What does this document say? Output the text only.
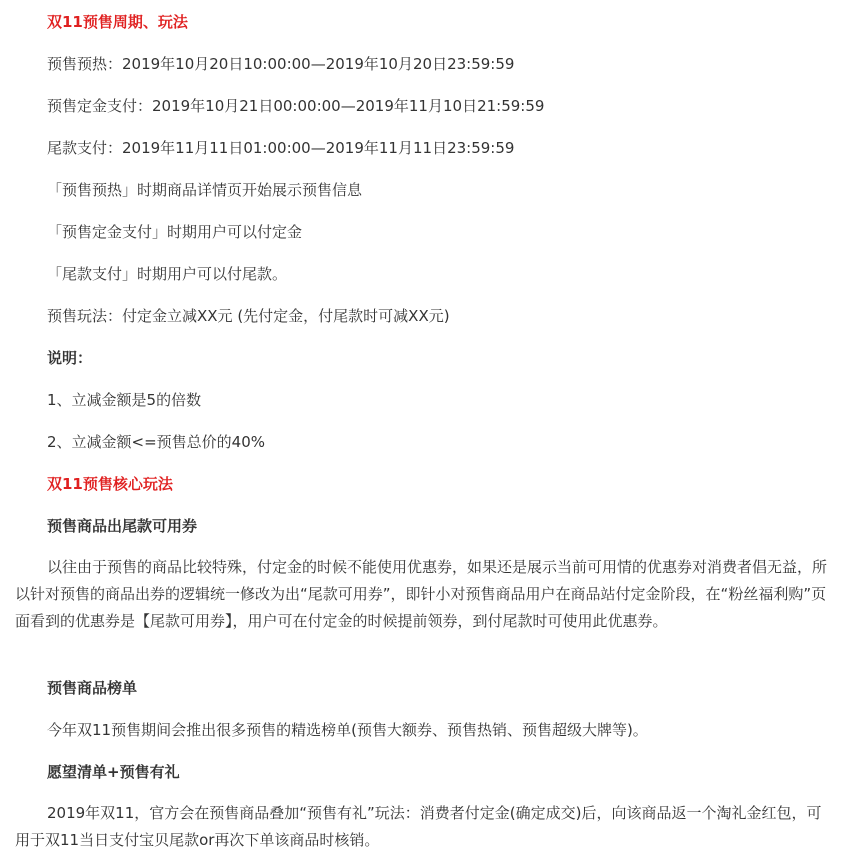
双11预售周期、玩法
预售预热：2019年10月20日10:00:00—2019年10月20日23:59:59
预售定金支付：2019年10月21日00:00:00—2019年11月10日21:59:59
尾款支付：2019年11月11日01:00:00—2019年11月11日23:59:59
「预售预热」时期商品详情页开始展示预售信息
「预售定金支付」时期用户可以付定金
「尾款支付」时期用户可以付尾款。
预售玩法：付定金立减XX元 (先付定金，付尾款时可减XX元)
说明：
1、立减金额是5的倍数
2、立减金额<=预售总价的40%
双11预售核心玩法
预售商品出尾款可用券
以往由于预售的商品比较特殊，付定金的时候不能使用优惠券，如果还是展示当前可用情的优惠券对消费者倡无益，所以针对预售的商品出券的逻辑统一修改为出“尾款可用券”，即针小对预售商品用户在商品站付定金阶段，在“粉丝福利购”页面看到的优惠券是【尾款可用券】，用户可在付定金的时候提前领券，到付尾款时可使用此优惠券。
预售商品榜单
今年双11预售期间会推出很多预售的精选榜单(预售大额券、预售热销、预售超级大牌等)。
愿望清单+预售有礼
2019年双11，官方会在预售商品叠加“预售有礼”玩法：消费者付定金(确定成交)后，向该商品返一个淘礼金红包，可用于双11当日支付宝贝尾款or再次下单该商品时核销。
